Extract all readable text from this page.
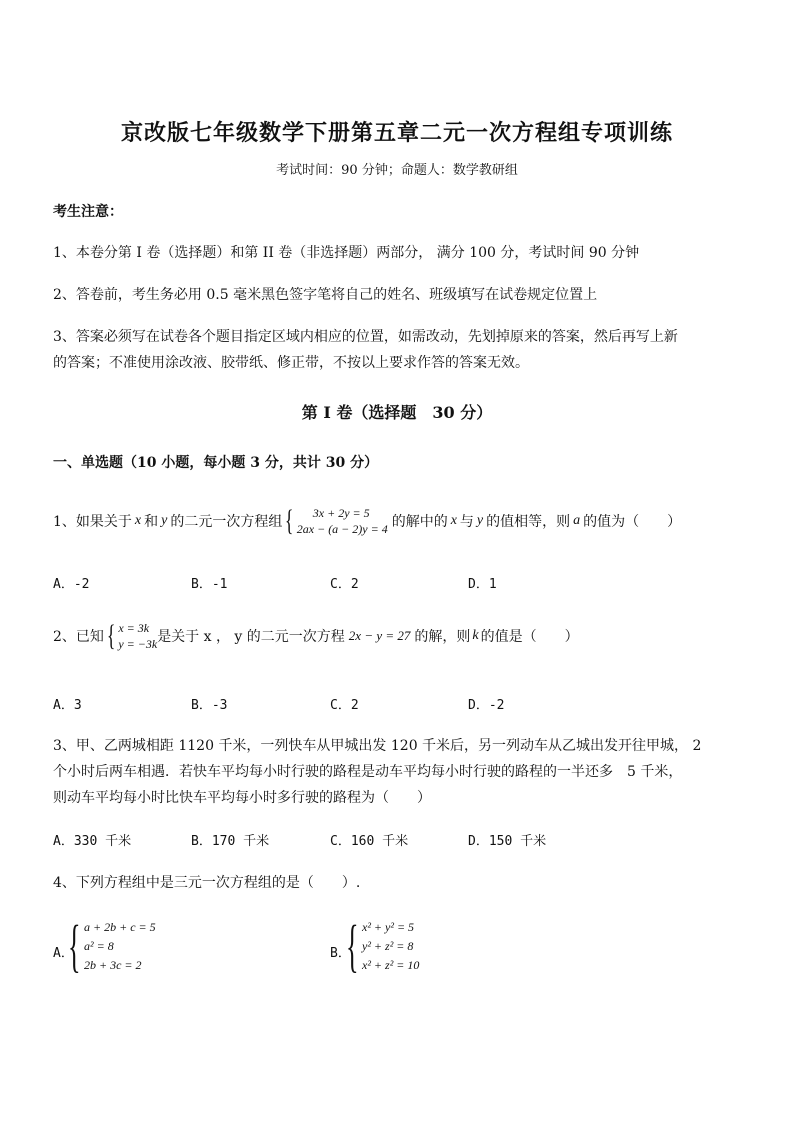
京改版七年级数学下册第五章二元一次方程组专项训练
考试时间：90 分钟；命题人：数学教研组
考生注意：
1、本卷分第 I 卷（选择题）和第 II 卷（非选择题）两部分， 满分 100 分，考试时间 90 分钟
2、答卷前，考生务必用 0.5 毫米黑色签字笔将自己的姓名、班级填写在试卷规定位置上
3、答案必须写在试卷各个题目指定区域内相应的位置，如需改动，先划掉原来的答案，然后再写上新
的答案；不准使用涂改液、胶带纸、修正带，不按以上要求作答的答案无效。
第 I 卷（选择题　30 分）
一、单选题（10 小题，每小题 3 分，共计 30 分）
1、如果关于 x 和 y 的二元一次方程组 {	3x + 2y = 5
2ax − (a − 2)y = 4 的解中的 x 与 y 的值相等，则 a 的值为（　　）
A．-2	B．-1	C．2	D．1
2、已知 { x = 3k
y = −3k 是关于 x ， y 的二元一次方程 2x − y = 27 的解，则 k 的值是（　　）
A．3	B．-3	C．2	D．-2
3、甲、乙两城相距 1120 千米，一列快车从甲城出发 120 千米后，另一列动车从乙城出发开往甲城， 2
个小时后两车相遇．若快车平均每小时行驶的路程是动车平均每小时行驶的路程的一半还多　5 千米，
则动车平均每小时比快车平均每小时多行驶的路程为（　　）
A．330 千米	B．170 千米	C．160 千米	D．150 千米
4、下列方程组中是三元一次方程组的是（　　）.
A．
{ a + 2b + c = 5
a² = 8
2b + 3c = 2
B．
{ x² + y² = 5
y² + z² = 8
x² + z² = 10
